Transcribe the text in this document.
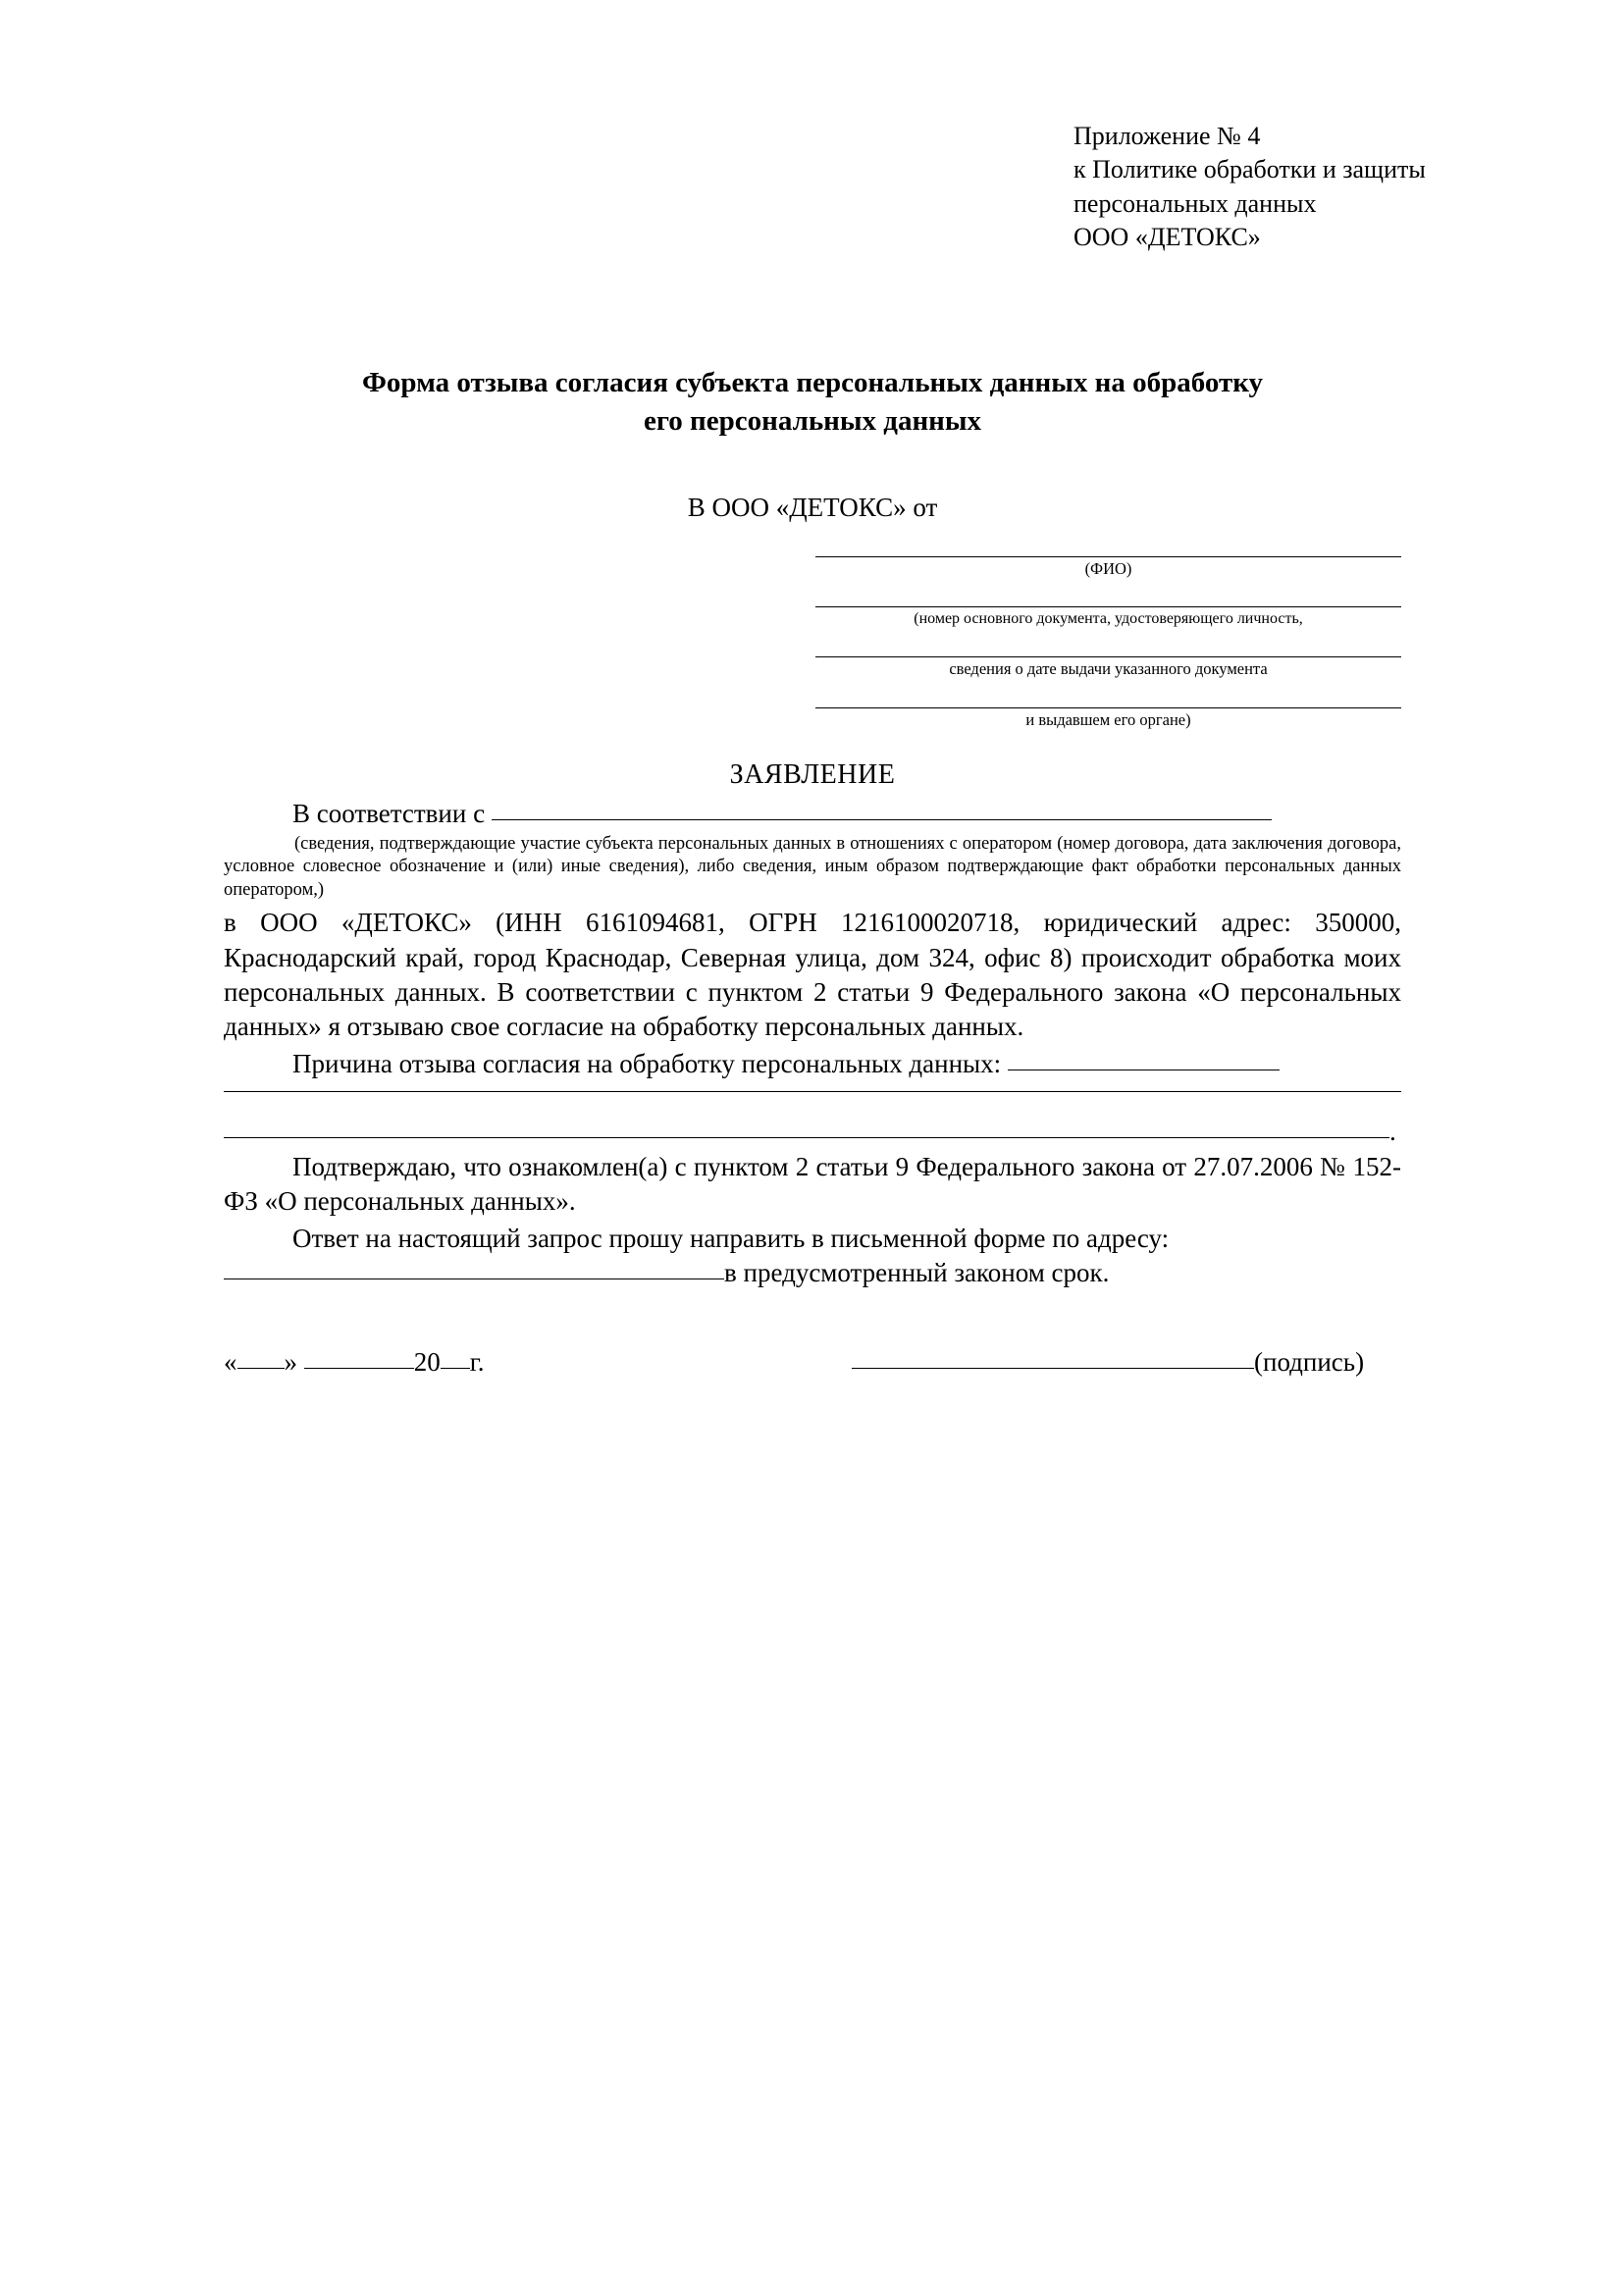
Приложение № 4
к Политике обработки и защиты
персональных данных
ООО «ДЕТОКС»
Форма отзыва согласия субъекта персональных данных на обработку
его персональных данных
В ООО «ДЕТОКС» от
(ФИО)
(номер основного документа, удостоверяющего личность,
сведения о дате выдачи указанного документа
и выдавшем его органе)
ЗАЯВЛЕНИЕ
В соответствии с
(сведения, подтверждающие участие субъекта персональных данных в отношениях с оператором (номер договора, дата заключения договора, условное словесное обозначение и (или) иные сведения), либо сведения, иным образом подтверждающие факт обработки персональных данных оператором,)
в ООО «ДЕТОКС» (ИНН 6161094681, ОГРН 1216100020718, юридический адрес: 350000, Краснодарский край, город Краснодар, Северная улица, дом 324, офис 8) происходит обработка моих персональных данных. В соответствии с пунктом 2 статьи 9 Федерального закона «О персональных данных» я отзываю свое согласие на обработку персональных данных.
Причина отзыва согласия на обработку персональных данных:
.
Подтверждаю, что ознакомлен(а) с пунктом 2 статьи 9 Федерального закона от 27.07.2006 № 152-ФЗ «О персональных данных».
Ответ на настоящий запрос прошу направить в письменной форме по адресу:
в предусмотренный законом срок.
« »	20 г.	(подпись)
